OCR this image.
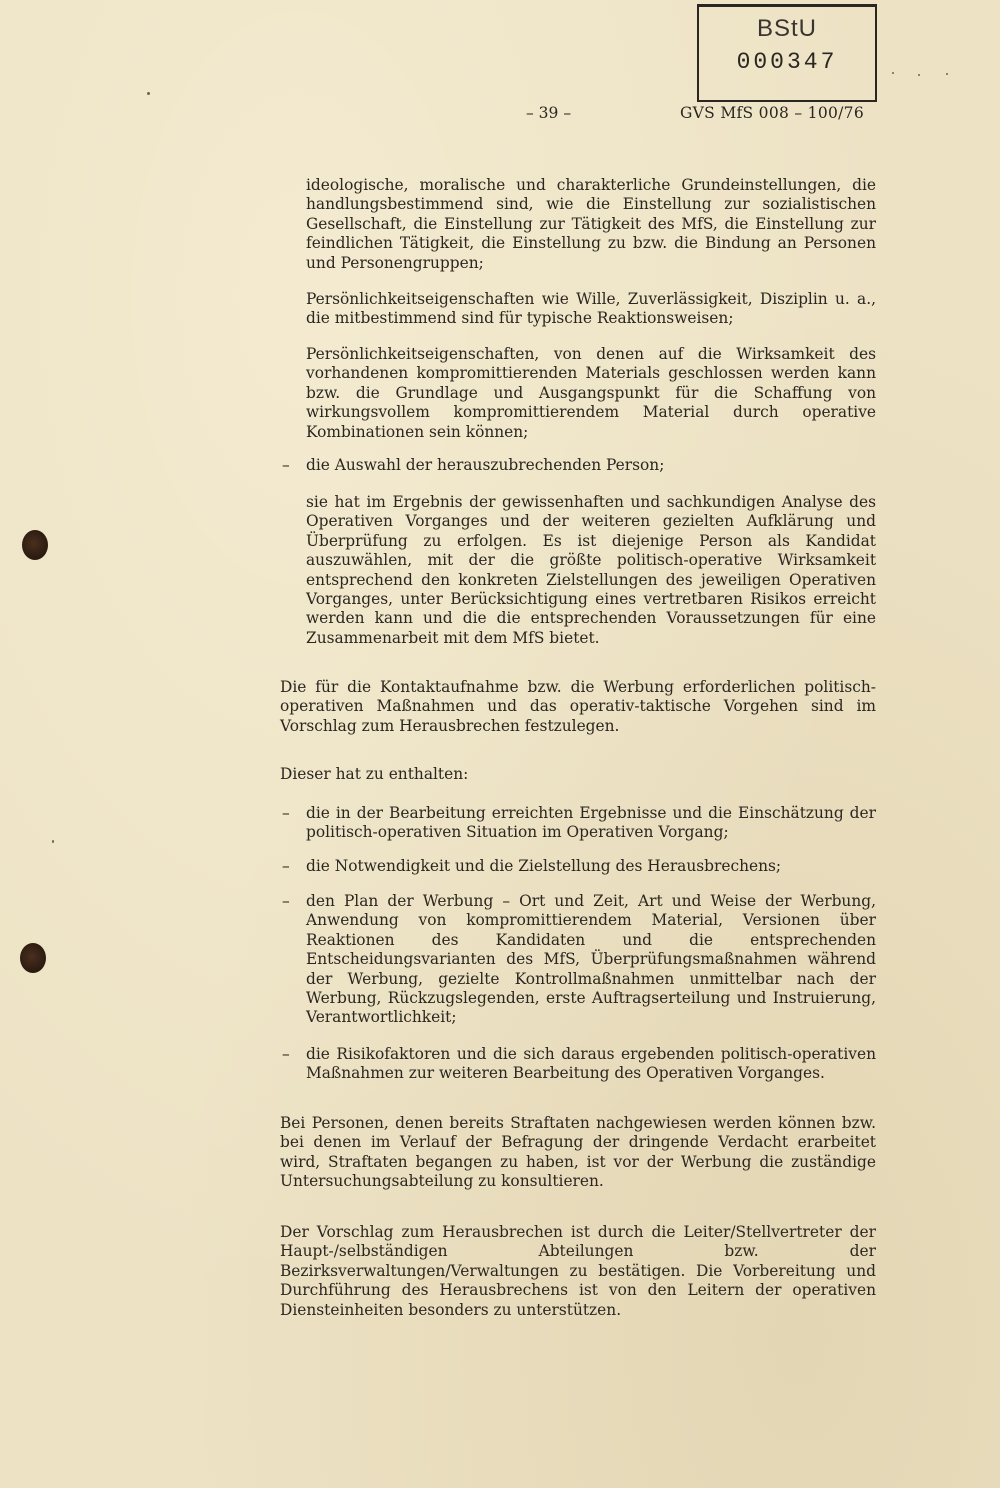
BStU
000347
– 39 –	GVS MfS 008 – 100/76

ideologische, moralische und charakterliche Grundeinstellungen, die handlungsbestimmend sind, wie die Einstellung zur sozialistischen Gesellschaft, die Einstellung zur Tätigkeit des MfS, die Einstellung zur feindlichen Tätigkeit, die Einstellung zu bzw. die Bindung an Personen und Personengruppen;

Persönlichkeitseigenschaften wie Wille, Zuverlässigkeit, Disziplin u. a., die mitbestimmend sind für typische Reaktionsweisen;

Persönlichkeitseigenschaften, von denen auf die Wirksamkeit des vorhandenen kompromittierenden Materials geschlossen werden kann bzw. die Grundlage und Ausgangspunkt für die Schaffung von wirkungsvollem kompromittierendem Material durch operative Kombinationen sein können;

– die Auswahl der herauszubrechenden Person;

sie hat im Ergebnis der gewissenhaften und sachkundigen Analyse des Operativen Vorganges und der weiteren gezielten Aufklärung und Überprüfung zu erfolgen. Es ist diejenige Person als Kandidat auszuwählen, mit der die größte politisch-operative Wirksamkeit entsprechend den konkreten Zielstellungen des jeweiligen Operativen Vorganges, unter Berücksichtigung eines vertretbaren Risikos erreicht werden kann und die die entsprechenden Voraussetzungen für eine Zusammenarbeit mit dem MfS bietet.

Die für die Kontaktaufnahme bzw. die Werbung erforderlichen politisch-operativen Maßnahmen und das operativ-taktische Vorgehen sind im Vorschlag zum Herausbrechen festzulegen.

Dieser hat zu enthalten:

– die in der Bearbeitung erreichten Ergebnisse und die Einschätzung der politisch-operativen Situation im Operativen Vorgang;

– die Notwendigkeit und die Zielstellung des Herausbrechens;

– den Plan der Werbung – Ort und Zeit, Art und Weise der Werbung, Anwendung von kompromittierendem Material, Versionen über Reaktionen des Kandidaten und die entsprechenden Entscheidungsvarianten des MfS, Überprüfungsmaßnahmen während der Werbung, gezielte Kontrollmaßnahmen unmittelbar nach der Werbung, Rückzugslegenden, erste Auftragserteilung und Instruierung, Verantwortlichkeit;

– die Risikofaktoren und die sich daraus ergebenden politisch-operativen Maßnahmen zur weiteren Bearbeitung des Operativen Vorganges.

Bei Personen, denen bereits Straftaten nachgewiesen werden können bzw. bei denen im Verlauf der Befragung der dringende Verdacht erarbeitet wird, Straftaten begangen zu haben, ist vor der Werbung die zuständige Untersuchungsabteilung zu konsultieren.

Der Vorschlag zum Herausbrechen ist durch die Leiter/Stellvertreter der Haupt-/selbständigen Abteilungen bzw. der Bezirksverwaltungen/Verwaltungen zu bestätigen. Die Vorbereitung und Durchführung des Herausbrechens ist von den Leitern der operativen Diensteinheiten besonders zu unterstützen.
